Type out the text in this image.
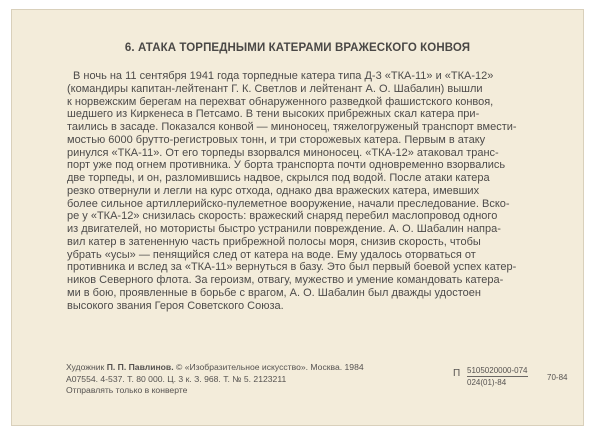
6. АТАКА ТОРПЕДНЫМИ КАТЕРАМИ ВРАЖЕСКОГО КОНВОЯ
В ночь на 11 сентября 1941 года торпедные катера типа Д-3 «ТКА-11» и «ТКА-12»
(командиры капитан-лейтенант Г. К. Светлов и лейтенант А. О. Шабалин) вышли
к норвежским берегам на перехват обнаруженного разведкой фашистского конвоя,
шедшего из Киркенеса в Петсамо. В тени высоких прибрежных скал катера при-
таились в засаде. Показался конвой — миноносец, тяжелогруженый транспорт вмести-
мостью 6000 брутто-регистровых тонн, и три сторожевых катера. Первым в атаку
ринулся «ТКА-11». От его торпеды взорвался миноносец. «ТКА-12» атаковал транс-
порт уже под огнем противника. У борта транспорта почти одновременно взорвались
две торпеды, и он, разломившись надвое, скрылся под водой. После атаки катера
резко отвернули и легли на курс отхода, однако два вражеских катера, имевших
более сильное артиллерийско-пулеметное вооружение, начали преследование. Вско-
ре у «ТКА-12» снизилась скорость: вражеский снаряд перебил маслопровод одного
из двигателей, но мотористы быстро устранили повреждение. А. О. Шабалин напра-
вил катер в затененную часть прибрежной полосы моря, снизив скорость, чтобы
убрать «усы» — пенящийся след от катера на воде. Ему удалось оторваться от
противника и вслед за «ТКА-11» вернуться в базу. Это был первый боевой успех катер-
ников Северного флота. За героизм, отвагу, мужество и умение командовать катера-
ми в бою, проявленные в борьбе с врагом, А. О. Шабалин был дважды удостоен
высокого звания Героя Советского Союза.
Художник П. П. Павлинов. © «Изобразительное искусство». Москва. 1984
А07554. 4-537. Т. 80 000. Ц. 3 к. З. 968. Т. № 5. 2123211
Отправлять только в конверте
П 5105020000-074
024(01)-84
70-84
